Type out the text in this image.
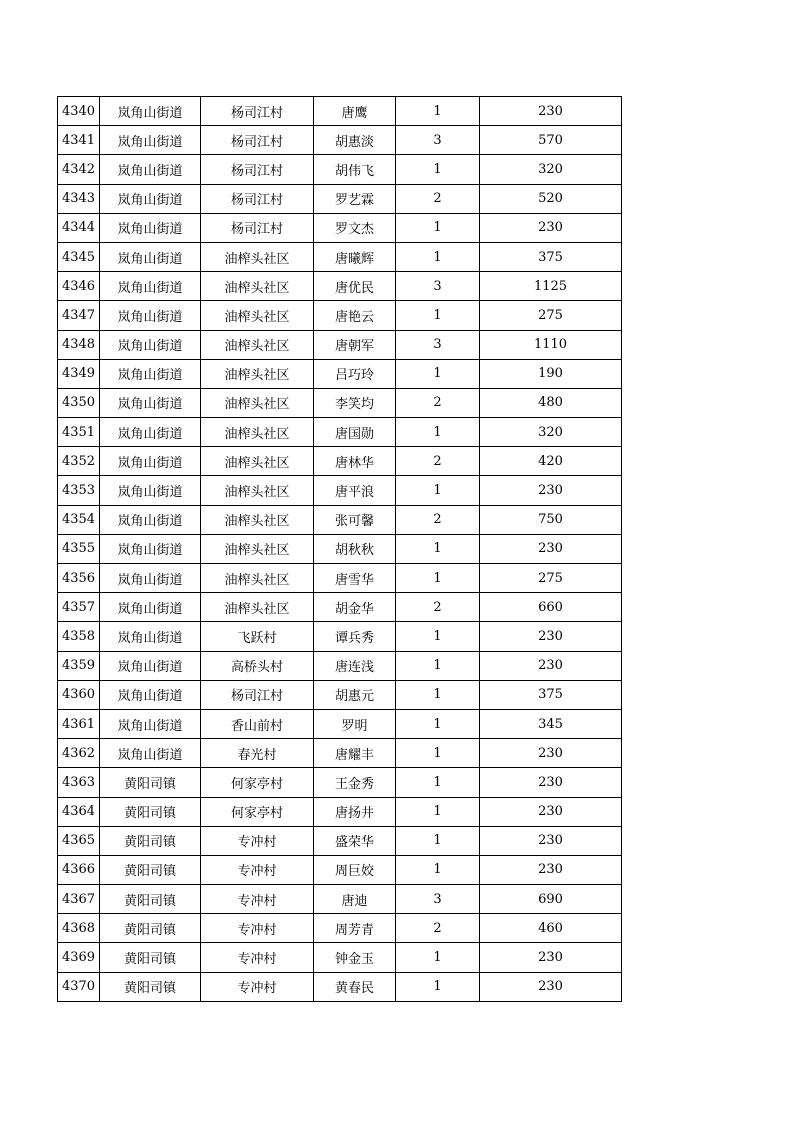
4340	岚角山街道	杨司江村	唐鹰	1	230
4341	岚角山街道	杨司江村	胡惠淡	3	570
4342	岚角山街道	杨司江村	胡伟飞	1	320
4343	岚角山街道	杨司江村	罗艺霖	2	520
4344	岚角山街道	杨司江村	罗文杰	1	230
4345	岚角山街道	油榨头社区	唐曦辉	1	375
4346	岚角山街道	油榨头社区	唐优民	3	1125
4347	岚角山街道	油榨头社区	唐艳云	1	275
4348	岚角山街道	油榨头社区	唐朝军	3	1110
4349	岚角山街道	油榨头社区	吕巧玲	1	190
4350	岚角山街道	油榨头社区	李笑均	2	480
4351	岚角山街道	油榨头社区	唐国勋	1	320
4352	岚角山街道	油榨头社区	唐林华	2	420
4353	岚角山街道	油榨头社区	唐平浪	1	230
4354	岚角山街道	油榨头社区	张可馨	2	750
4355	岚角山街道	油榨头社区	胡秋秋	1	230
4356	岚角山街道	油榨头社区	唐雪华	1	275
4357	岚角山街道	油榨头社区	胡金华	2	660
4358	岚角山街道	飞跃村	谭兵秀	1	230
4359	岚角山街道	高桥头村	唐连浅	1	230
4360	岚角山街道	杨司江村	胡惠元	1	375
4361	岚角山街道	香山前村	罗明	1	345
4362	岚角山街道	春光村	唐耀丰	1	230
4363	黄阳司镇	何家亭村	王金秀	1	230
4364	黄阳司镇	何家亭村	唐扬井	1	230
4365	黄阳司镇	专冲村	盛荣华	1	230
4366	黄阳司镇	专冲村	周巨姣	1	230
4367	黄阳司镇	专冲村	唐迪	3	690
4368	黄阳司镇	专冲村	周芳青	2	460
4369	黄阳司镇	专冲村	钟金玉	1	230
4370	黄阳司镇	专冲村	黄春民	1	230
